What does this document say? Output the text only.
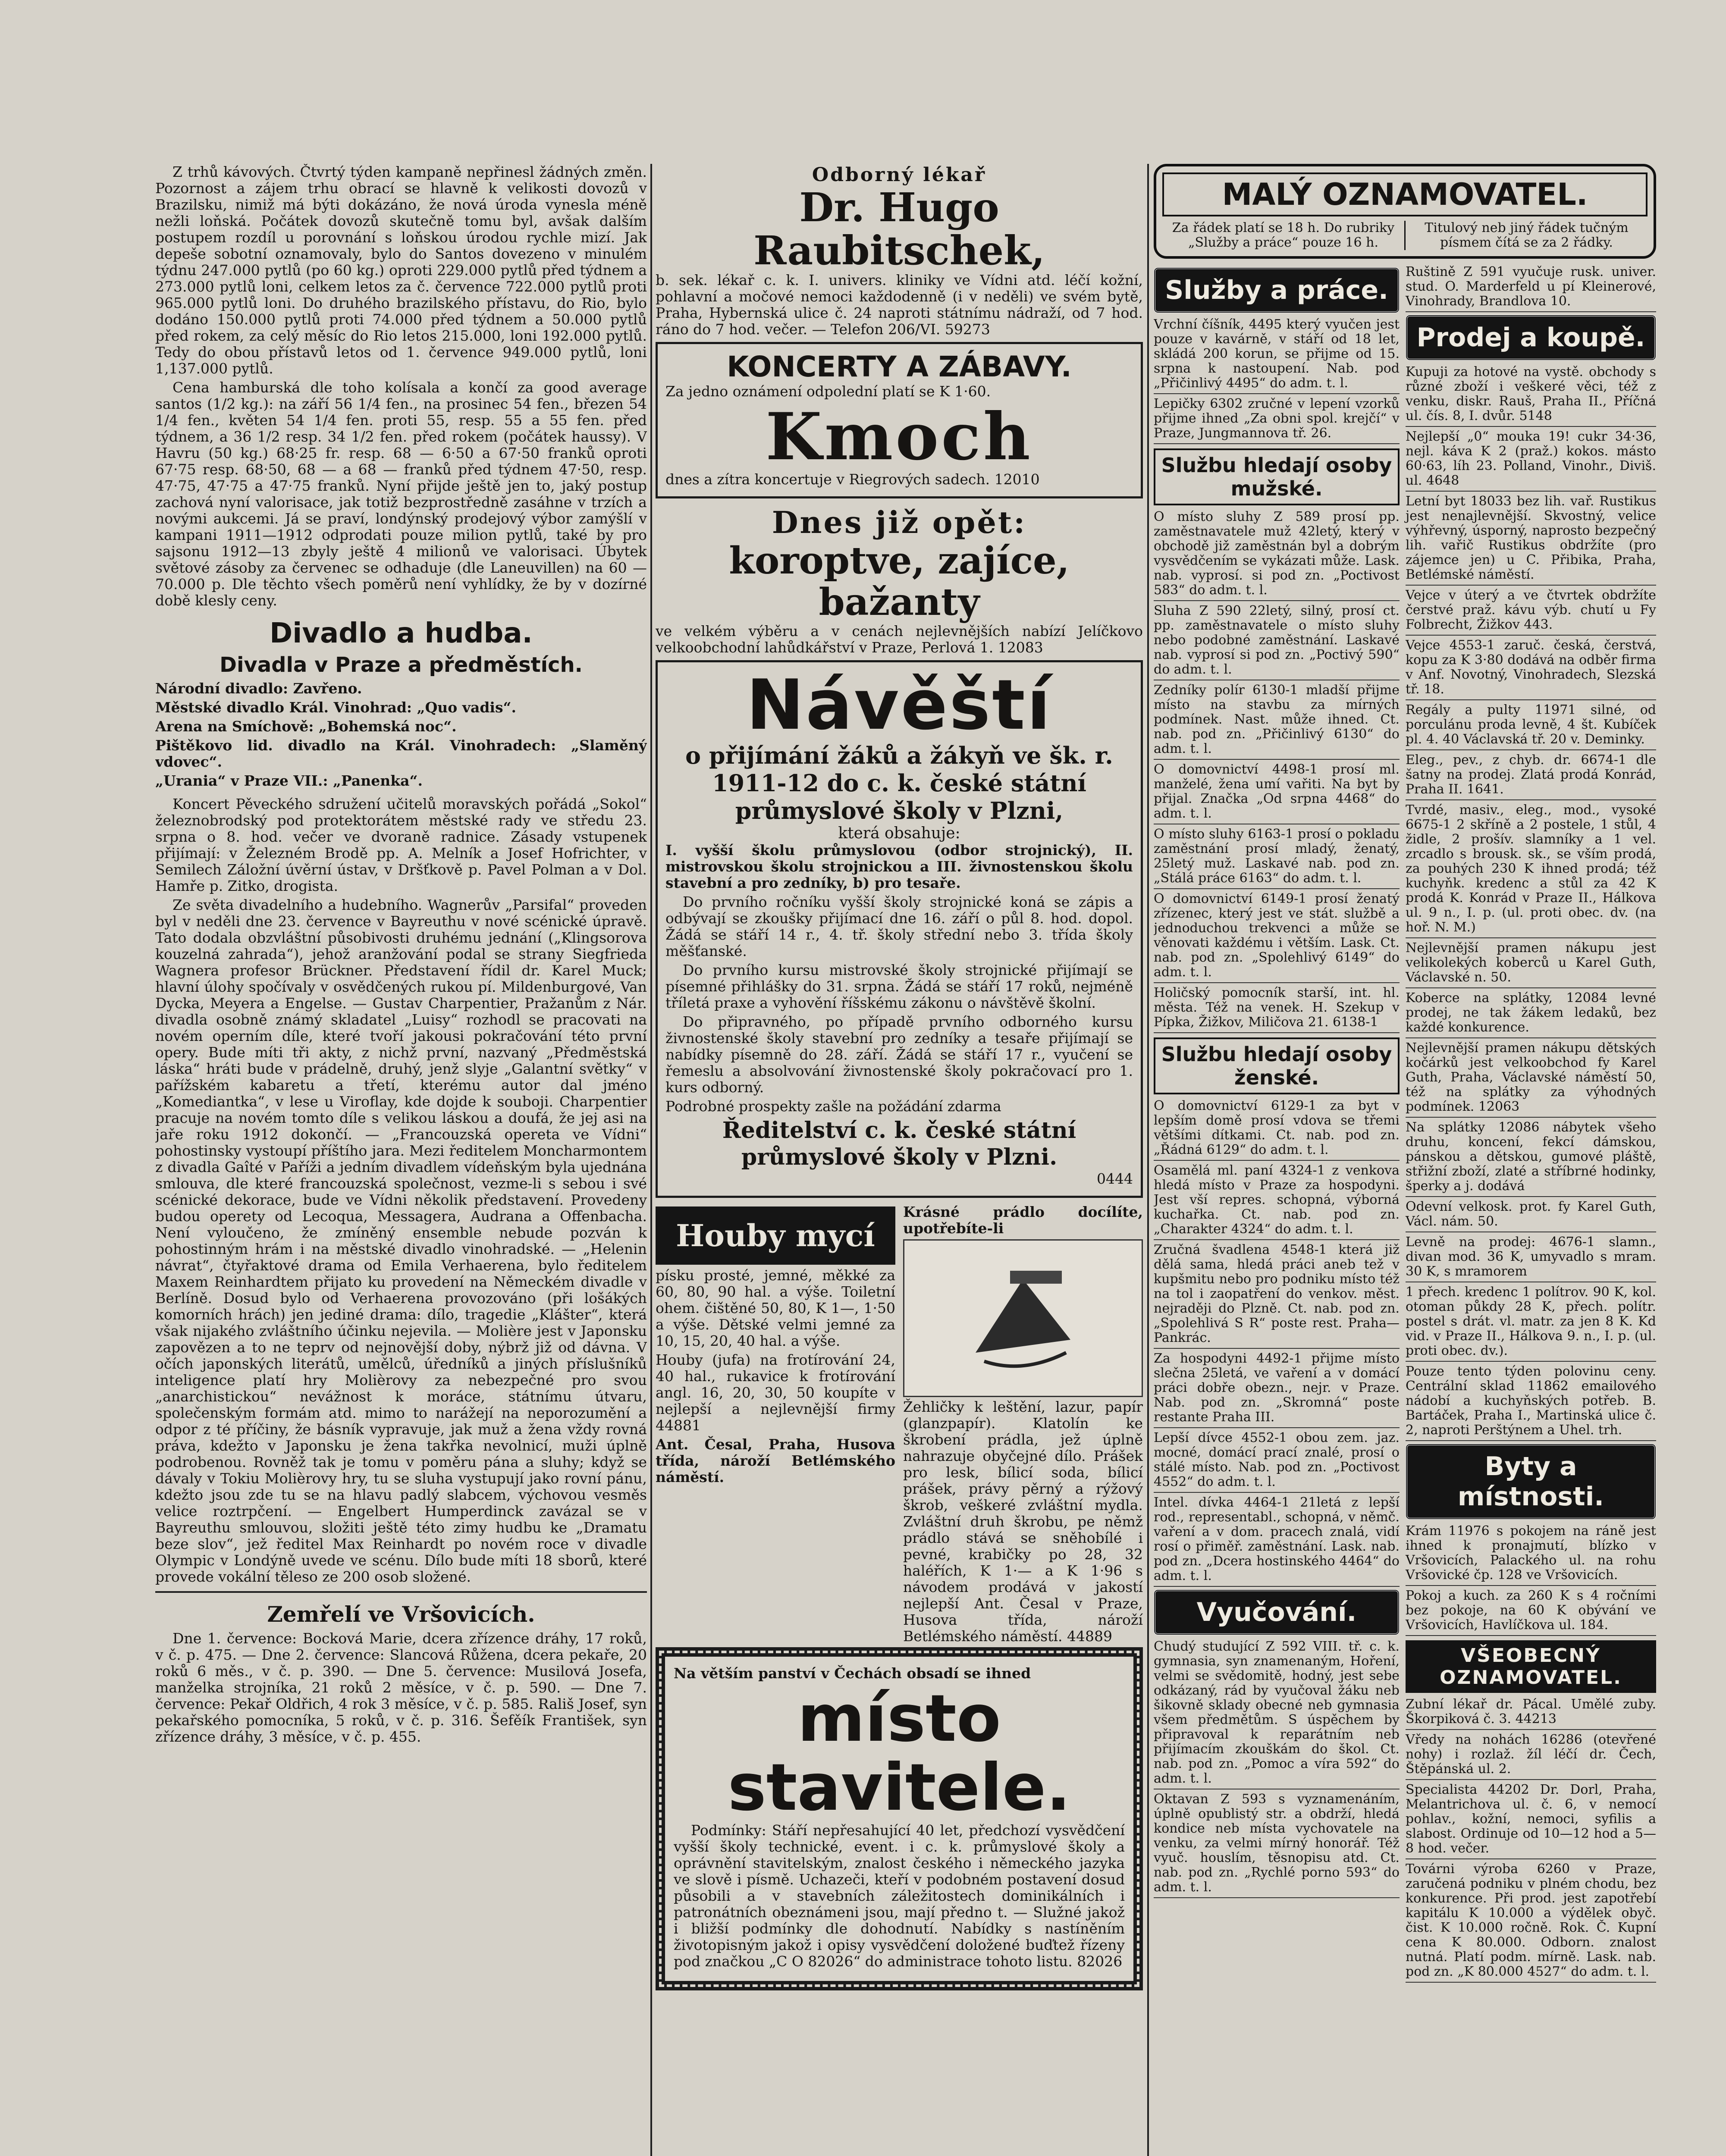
Z trhů kávových. Čtvrtý týden kampaně nepřinesl žádných změn. Pozornost a zájem trhu obrací se hlavně k velikosti dovozů v Brazilsku, nimiž má býti dokázáno, že nová úroda vynesla méně nežli loňská. Počátek dovozů skutečně tomu byl, avšak dalším postupem rozdíl u porovnání s loňskou úrodou rychle mizí. Jak depeše sobotní oznamovaly, bylo do Santos dovezeno v minulém týdnu 247.000 pytlů (po 60 kg.) oproti 229.000 pytlů před týdnem a 273.000 pytlů loni, celkem letos za č. července 722.000 pytlů proti 965.000 pytlů loni. Do druhého brazilského přístavu, do Rio, bylo dodáno 150.000 pytlů proti 74.000 před týdnem a 50.000 pytlů před rokem, za celý měsíc do Rio letos 215.000, loni 192.000 pytlů. Tedy do obou přístavů letos od 1. července 949.000 pytlů, loni 1,137.000 pytlů.

Cena hamburská dle toho kolísala a končí za good average santos (1/2 kg.): na září 56 1/4 fen., na prosinec 54 fen., březen 54 1/4 fen., květen 54 1/4 fen. proti 55, resp. 55 a 55 fen. před týdnem, a 36 1/2 resp. 34 1/2 fen. před rokem (počátek haussy). V Havru (50 kg.) 68·25 fr. resp. 68 — 6·50 a 67·50 franků oproti 67·75 resp. 68·50, 68 — a 68 — franků před týdnem 47·50, resp. 47·75, 47·75 a 47·75 franků. Nyní přijde ještě jen to, jaký postup zachová nyní valorisace, jak totiž bezprostředně zasáhne v trzích a novými aukcemi. Já se praví, londýnský prodejový výbor zamýšlí v kampani 1911—1912 odprodati pouze milion pytlů, také by pro sajsonu 1912—13 zbyly ještě 4 milionů ve valorisaci. Úbytek světové zásoby za červenec se odhaduje (dle Laneuvillen) na 60 — 70.000 p. Dle těchto všech poměrů není vyhlídky, že by v dozírné době klesly ceny.

Divadlo a hudba.
Divadla v Praze a předměstích.

Národní divadlo: Zavřeno.

Městské divadlo Král. Vinohrad: „Quo vadis“.

Arena na Smíchově: „Bohemská noc“.

Pištěkovo lid. divadlo na Král. Vinohradech: „Slaměný vdovec“.

„Urania“ v Praze VII.: „Panenka“.

Koncert Pěveckého sdružení učitelů moravských pořádá „Sokol“ železnobrodský pod protektorátem městské rady ve středu 23. srpna o 8. hod. večer ve dvoraně radnice. Zásady vstupenek přijímají: v Železném Brodě pp. A. Melník a Josef Hofrichter, v Semilech Záložní úvěrní ústav, v Dršťkově p. Pavel Polman a v Dol. Hamře p. Zitko, drogista.

Ze světa divadelního a hudebního. Wagnerův „Parsifal“ proveden byl v neděli dne 23. července v Bayreuthu v nové scénické úpravě. Tato dodala obzvláštní působivosti druhému jednání („Klingsorova kouzelná zahrada“), jehož aranžování podal se strany Siegfrieda Wagnera profesor Brückner. Představení řídil dr. Karel Muck; hlavní úlohy spočívaly v osvědčených rukou pí. Mildenburgové, Van Dycka, Meyera a Engelse. — Gustav Charpentier, Pražanům z Nár. divadla osobně známý skladatel „Luisy“ rozhodl se pracovati na novém operním díle, které tvoří jakousi pokračování této první opery. Bude míti tři akty, z nichž první, nazvaný „Předměstská láska“ hráti bude v prádelně, druhý, jenž slyje „Galantní světky“ v pařížském kabaretu a třetí, kterému autor dal jméno „Komediantka“, v lese u Viroflay, kde dojde k souboji. Charpentier pracuje na novém tomto díle s velikou láskou a doufá, že jej asi na jaře roku 1912 dokončí. — „Francouzská opereta ve Vídni“ pohostinsky vystoupí příštího jara. Mezi ředitelem Moncharmontem z divadla Gaîté v Paříži a jedním divadlem vídeňským byla ujednána smlouva, dle které francouzská společnost, vezme-li s sebou i své scénické dekorace, bude ve Vídni několik představení. Provedeny budou operety od Lecoqua, Messagera, Audrana a Offenbacha. Není vyloučeno, že zmíněný ensemble nebude pozván k pohostinným hrám i na městské divadlo vinohradské. — „Helenin návrat“, čtyřaktové drama od Emila Verhaerena, bylo ředitelem Maxem Reinhardtem přijato ku provedení na Německém divadle v Berlíně. Dosud bylo od Verhaerena provozováno (při lošákých komorních hrách) jen jediné drama: dílo, tragedie „Klášter“, která však nijakého zvláštního účinku nejevila. — Molière jest v Japonsku zapovězen a to ne teprv od nejnovější doby, nýbrž již od dávna. V očích japonských literátů, umělců, úředníků a jiných příslušníků inteligence platí hry Molièrovy za nebezpečné pro svou „anarchistickou“ nevážnost k moráce, státnímu útvaru, společenským formám atd. mimo to narážejí na neporozumění a odpor z té příčiny, že básník vypravuje, jak muž a žena vždy rovná práva, kdežto v Japonsku je žena takřka nevolnicí, muži úplně podrobenou. Rovněž tak je tomu v poměru pána a sluhy; když se dávaly v Tokiu Molièrovy hry, tu se sluha vystupují jako rovní pánu, kdežto jsou zde tu se na hlavu padlý slabcem, výchovou vesměs velice roztrpčení. — Engelbert Humperdinck zavázal se v Bayreuthu smlouvou, složiti ještě této zimy hudbu ke „Dramatu beze slov“, jež ředitel Max Reinhardt po novém roce v divadle Olympic v Londýně uvede ve scénu. Dílo bude míti 18 sborů, které provede vokální těleso ze 200 osob složené.

Zemřelí ve Vršovicích.

Dne 1. července: Bocková Marie, dcera zřízence dráhy, 17 roků, v č. p. 475. — Dne 2. července: Slancová Růžena, dcera pekaře, 20 roků 6 měs., v č. p. 390. — Dne 5. července: Musilová Josefa, manželka strojníka, 21 roků 2 měsíce, v č. p. 590. — Dne 7. července: Pekař Oldřich, 4 rok 3 měsíce, v č. p. 585. Rališ Josef, syn pekařského pomocníka, 5 roků, v č. p. 316. Šefěík František, syn zřízence dráhy, 3 měsíce, v č. p. 455.

Odborný lékař
Dr. Hugo Raubitschek,

b. sek. lékař c. k. I. univers. kliniky ve Vídni atd. léčí kožní, pohlavní a močové nemoci každodenně (i v neděli) ve svém bytě, Praha, Hybernská ulice č. 24 naproti státnímu nádraží, od 7 hod. ráno do 7 hod. večer. — Telefon 206/VI. 59273

KONCERTY A ZÁBAVY.

Za jedno oznámení odpolední platí se K 1·60.

Kmoch

dnes a zítra koncertuje v Riegrových sadech. 12010

Dnes již opět:
koroptve, zajíce, bažanty

ve velkém výběru a v cenách nejlevnějších nabízí Jelíčkovo velkoobchodní lahůdkářství v Praze, Perlová 1. 12083

Návěští
o přijímání žáků a žákyň ve šk. r. 1911-12 do c. k. české státní průmyslové školy v Plzni,
která obsahuje:

I. vyšší školu průmyslovou (odbor strojnický), II. mistrovskou školu strojnickou a III. živnostenskou školu stavební a pro zedníky, b) pro tesaře.

Do prvního ročníku vyšší školy strojnické koná se zápis a odbývají se zkoušky přijímací dne 16. září o půl 8. hod. dopol. Žádá se stáří 14 r., 4. tř. školy střední nebo 3. třída školy měšťanské.

Do prvního kursu mistrovské školy strojnické přijímají se písemné přihlášky do 31. srpna. Žádá se stáří 17 roků, nejméně tříletá praxe a vyhovění říšskému zákonu o návštěvě školní.

Do připravného, po případě prvního odborného kursu živnostenské školy stavební pro zedníky a tesaře přijímají se nabídky písemně do 28. září. Žádá se stáří 17 r., vyučení se řemeslu a absolvování živnostenské školy pokračovací pro 1. kurs odborný.

Podrobné prospekty zašle na požádání zdarma

Ředitelství c. k. české státní průmyslové školy v Plzni.

0444

Houby mycí

písku prosté, jemné, měkké za 60, 80, 90 hal. a výše. Toiletní ohem. čištěné 50, 80, K 1—, 1·50 a výše. Dětské velmi jemné za 10, 15, 20, 40 hal. a výše.

Houby (jufa) na frotírování 24, 40 hal., rukavice k frotírování angl. 16, 20, 30, 50 koupíte v nejlepší a nejlevnější firmy 44881

Ant. Česal, Praha, Husova třída, nároží Betlémského náměstí.

Krásné prádlo docílíte, upotřebíte-li

Žehličky k leštění, lazur, papír (glanzpapír). Klatolín ke škrobení prádla, jež úplně nahrazuje obyčejné dílo. Prášek pro lesk, bílicí soda, bílicí prášek, právy pěrný a rýžový škrob, veškeré zvláštní mydla. Zvláštní druh škrobu, pe němž prádlo stává se sněhobílé i pevné, krabičky po 28, 32 haléřích, K 1·— a K 1·96 s návodem prodává v jakostí nejlepší Ant. Česal v Praze, Husova třída, nároží Betlémského náměstí. 44889

Na větším panství v Čechách obsadí se ihned

místo stavitele.

Podmínky: Stáří nepřesahující 40 let, předchozí vysvědčení vyšší školy technické, event. i c. k. průmyslové školy a oprávnění stavitelským, znalost českého i německého jazyka ve slově i písmě. Uchazeči, kteří v podobném postavení dosud působili a v stavebních záležitostech dominikálních i patronátních obeznámeni jsou, mají předno t. — Služné jakož i bližší podmínky dle dohodnutí. Nabídky s nastíněním životopisným jakož i opisy vysvědčení doložené buďtež řízeny pod značkou „C O 82026“ do administrace tohoto listu. 82026

MALÝ OZNAMOVATEL.
Za řádek platí se 18 h. Do rubriky „Služby a práce“ pouze 16 h.
Titulový neb jiný řádek tučným písmem čítá se za 2 řádky.
Služby a práce.

Vrchní číšník, 4495 který vyučen jest pouze v kavárně, v stáří od 18 let, skládá 200 korun, se přijme od 15. srpna k nastoupení. Nab. pod „Přičinlivý 4495“ do adm. t. l.

Lepičky 6302 zručné v lepení vzorků přijme ihned „Za obni spol. krejčí“ v Praze, Jungmannova tř. 26.

Službu hledají osoby mužské.

O místo sluhy Z 589 prosí pp. zaměstnavatele muž 42letý, který v obchodě již zaměstnán byl a dobrým vysvědčením se vykázati může. Lask. nab. vyprosí. si pod zn. „Poctivost 583“ do adm. t. l.

Sluha Z 590 22letý, silný, prosí ct. pp. zaměstnavatele o místo sluhy nebo podobné zaměstnání. Laskavé nab. vyprosí si pod zn. „Poctivý 590“ do adm. t. l.

Zedníky polír 6130-1 mladší přijme místo na stavbu za mírných podmínek. Nast. může ihned. Ct. nab. pod zn. „Přičinlivý 6130“ do adm. t. l.

O domovnictví 4498-1 prosí ml. manželé, žena umí vařiti. Na byt by přijal. Značka „Od srpna 4468“ do adm. t. l.

O místo sluhy 6163-1 prosí o pokladu zaměstnání prosí mladý, ženatý, 25letý muž. Laskavé nab. pod zn. „Stálá práce 6163“ do adm. t. l.

O domovnictví 6149-1 prosí ženatý zřízenec, který jest ve stát. službě a jednoduchou trekvenci a může se věnovati každému i větším. Lask. Ct. nab. pod zn. „Spolehlivý 6149“ do adm. t. l.

Holičský pomocník starší, int. hl. města. Též na venek. H. Szekup v Pípka, Žižkov, Miličova 21. 6138-1

Službu hledají osoby ženské.

O domovnictví 6129-1 za byt v lepším domě prosí vdova se třemi většími dítkami. Ct. nab. pod zn. „Řádná 6129“ do adm. t. l.

Osamělá ml. paní 4324-1 z venkova hledá místo v Praze za hospodyni. Jest vší repres. schopná, výborná kuchařka. Ct. nab. pod zn. „Charakter 4324“ do adm. t. l.

Zručná švadlena 4548-1 která již dělá sama, hledá práci aneb tež v kupšmitu nebo pro podniku místo též na tol i zaopatření do venkov. měst. nejraději do Plzně. Ct. nab. pod zn. „Spolehlivá S R“ poste rest. Praha—Pankrác.

Za hospodyni 4492-1 přijme místo slečna 25letá, ve vaření a v domácí práci dobře obezn., nejr. v Praze. Nab. pod zn. „Skromná“ poste restante Praha III.

Lepší dívce 4552-1 obou zem. jaz. mocné, domácí prací znalé, prosí o stálé místo. Nab. pod zn. „Poctivost 4552“ do adm. t. l.

Intel. dívka 4464-1 21letá z lepší rod., representabl., schopná, v němč. vaření a v dom. pracech znalá, vidí rosí o přiměř. zaměstnání. Lask. nab. pod zn. „Dcera hostinského 4464“ do adm. t. l.

Vyučování.

Chudý studující Z 592 VIII. tř. c. k. gymnasia, syn znamenaným, Hoření, velmi se svědomitě, hodný, jest sebe odkázaný, rád by vyučoval žáku neb šikovně sklady obecné neb gymnasia všem předmětům. S úspěchem by připravoval k reparátním neb přijímacím zkouškám do škol. Ct. nab. pod zn. „Pomoc a víra 592“ do adm. t. l.

Oktavan Z 593 s vyznamenáním, úplně opublistý str. a obdrží, hledá kondice neb místa vychovatele na venku, za velmi mírný honorář. Též vyuč. houslím, těsnopisu atd. Ct. nab. pod zn. „Rychlé porno 593“ do adm. t. l.

Ruštině Z 591 vyučuje rusk. univer. stud. O. Marderfeld u pí Kleinerové, Vinohrady, Brandlova 10.

Prodej a koupě.

Kupuji za hotové na vystě. obchody s různé zboží i veškeré věci, též z venku, diskr. Rauš, Praha II., Příčná ul. čís. 8, I. dvůr. 5148

Nejlepší „0“ mouka 19! cukr 34·36, nejl. káva K 2 (praž.) kokos. másto 60·63, líh 23. Polland, Vinohr., Diviš. ul. 4648

Letní byt 18033 bez lih. vař. Rustikus jest nenajlevnější. Skvostný, velice výhřevný, úsporný, naprosto bezpečný lih. vařič Rustikus obdržíte (pro zájemce jen) u C. Přibika, Praha, Betlémské náměstí.

Vejce v úterý a ve čtvrtek obdržíte čerstvé praž. kávu výb. chutí u Fy Folbrecht, Žižkov 443.

Vejce 4553-1 zaruč. česká, čerstvá, kopu za K 3·80 dodává na odběr firma v Anf. Novotný, Vinohradech, Slezská tř. 18.

Regály a pulty 11971 silné, od porculánu proda levně, 4 št. Kubíček pl. 4. 40 Václavská tř. 20 v. Deminky.

Eleg., pev., z chyb. dr. 6674-1 dle šatny na prodej. Zlatá prodá Konrád, Praha II. 1641.

Tvrdé, masiv., eleg., mod., vysoké 6675-1 2 skříně a 2 postele, 1 stůl, 4 židle, 2 prošív. slamníky a 1 vel. zrcadlo s brousk. sk., se vším prodá, za pouhých 230 K ihned prodá; též kuchyňk. kredenc a stůl za 42 K prodá K. Konrád v Praze II., Hálkova ul. 9 n., I. p. (ul. proti obec. dv. (na hoř. N. M.)

Nejlevnější pramen nákupu jest velikolekých koberců u Karel Guth, Václavské n. 50.

Koberce na splátky, 12084 levné prodej, ne tak žákem ledaků, bez každé konkurence.

Nejlevnější pramen nákupu dětských kočárků jest velkoobchod fy Karel Guth, Praha, Václavské náměstí 50, též na splátky za výhodných podmínek. 12063

Na splátky 12086 nábytek všeho druhu, koncení, fekcí dámskou, pánskou a dětskou, gumové pláště, střižní zboží, zlaté a stříbrné hodinky, šperky a j. dodává

Odevní velkosk. prot. fy Karel Guth, Václ. nám. 50.

Levně na prodej: 4676-1 slamn., divan mod. 36 K, umyvadlo s mram. 30 K, s mramorem

1 přech. kredenc 1 polítrov. 90 K, kol. otoman půkdy 28 K, přech. polítr. postel s drát. vl. matr. za jen 8 K. Kd vid. v Praze II., Hálkova 9. n., I. p. (ul. proti obec. dv.).

Pouze tento týden polovinu ceny. Centrální sklad 11862 emailového nádobí a kuchyňských potřeb. B. Bartáček, Praha I., Martinská ulice č. 2, naproti Perštýnem a Uhel. trh.

Byty a místnosti.

Krám 11976 s pokojem na ráně jest ihned k pronajmutí, blízko v Vršovicích, Palackého ul. na rohu Vršovické čp. 128 ve Vršovicích.

Pokoj a kuch. za 260 K s 4 ročními bez pokoje, na 60 K obývání ve Vršovicích, Havlíčkova ul. 184.

VŠEOBECNÝ OZNAMOVATEL.

Zubní lékař dr. Pácal. Umělé zuby. Škorpiková č. 3. 44213

Vředy na nohách 16286 (otevřené nohy) i rozlaž. žíl léčí dr. Čech, Štěpánská ul. 2.

Specialista 44202 Dr. Dorl, Praha, Melantrichova ul. č. 6, v nemocí pohlav., kožní, nemoci, syfilis a slabost. Ordinuje od 10—12 hod a 5—8 hod. večer.

Továrni výroba 6260 v Praze, zaručená podniku v plném chodu, bez konkurence. Při prod. jest zapotřebí kapitálu K 10.000 a výdělek obyč. čist. K 10.000 ročně. Rok. Č. Kupní cena K 80.000. Odborn. znalost nutná. Platí podm. mírně. Lask. nab. pod zn. „K 80.000 4527“ do adm. t. l.
